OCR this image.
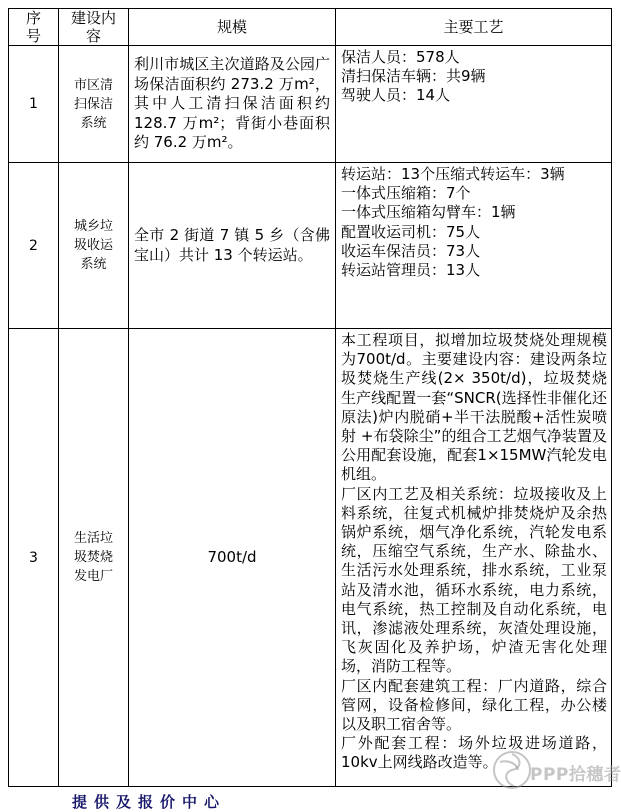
序号	建设内容	规模	主要工艺
1	市区清扫保洁系统	利川市城区主次道路及公园广场保洁面积约 273.2 万m²，其中人工清扫保洁面积约 128.7 万m²；背街小巷面积约 76.2 万m²。	保洁人员：578人
清扫保洁车辆：共9辆
驾驶人员：14人

2	城乡垃圾收运系统	全市 2 街道 7 镇 5 乡（含佛宝山）共计 13 个转运站。	
转运站：13个压缩式转运车：3辆
一体式压缩箱：7个
一体式压缩箱勾臂车：1辆
配置收运司机：75人
收运车保洁员：73人
转运站管理员：13人

3	生活垃圾焚烧发电厂	700t/d	本工程项目，拟增加垃圾焚烧处理规模为700t/d。主要建设内容：建设两条垃圾焚烧生产线(2× 350t/d)，垃圾焚烧生产线配置一套“SNCR(选择性非催化还原法)炉内脱硝+半干法脱酸+活性炭喷射 +布袋除尘”的组合工艺烟气净装置及公用配套设施，配套1×15MW汽轮发电机组。
厂区内工艺及相关系统：垃圾接收及上料系统，往复式机械炉排焚烧炉及余热锅炉系统，烟气净化系统，汽轮发电系统，压缩空气系统，生产水、除盐水、生活污水处理系统，排水系统，工业泵站及清水池，循环水系统，电力系统，电气系统，热工控制及自动化系统，电讯，渗滤液处理系统，灰渣处理设施，飞灰固化及养护场，炉渣无害化处理场，消防工程等。
厂区内配套建筑工程：厂内道路，综合管网，设备检修间，绿化工程，办公楼以及职工宿舍等。
厂外配套工程：场外垃圾进场道路，10kv上网线路改造等。
PPP拾穗者
提供及报价中心
